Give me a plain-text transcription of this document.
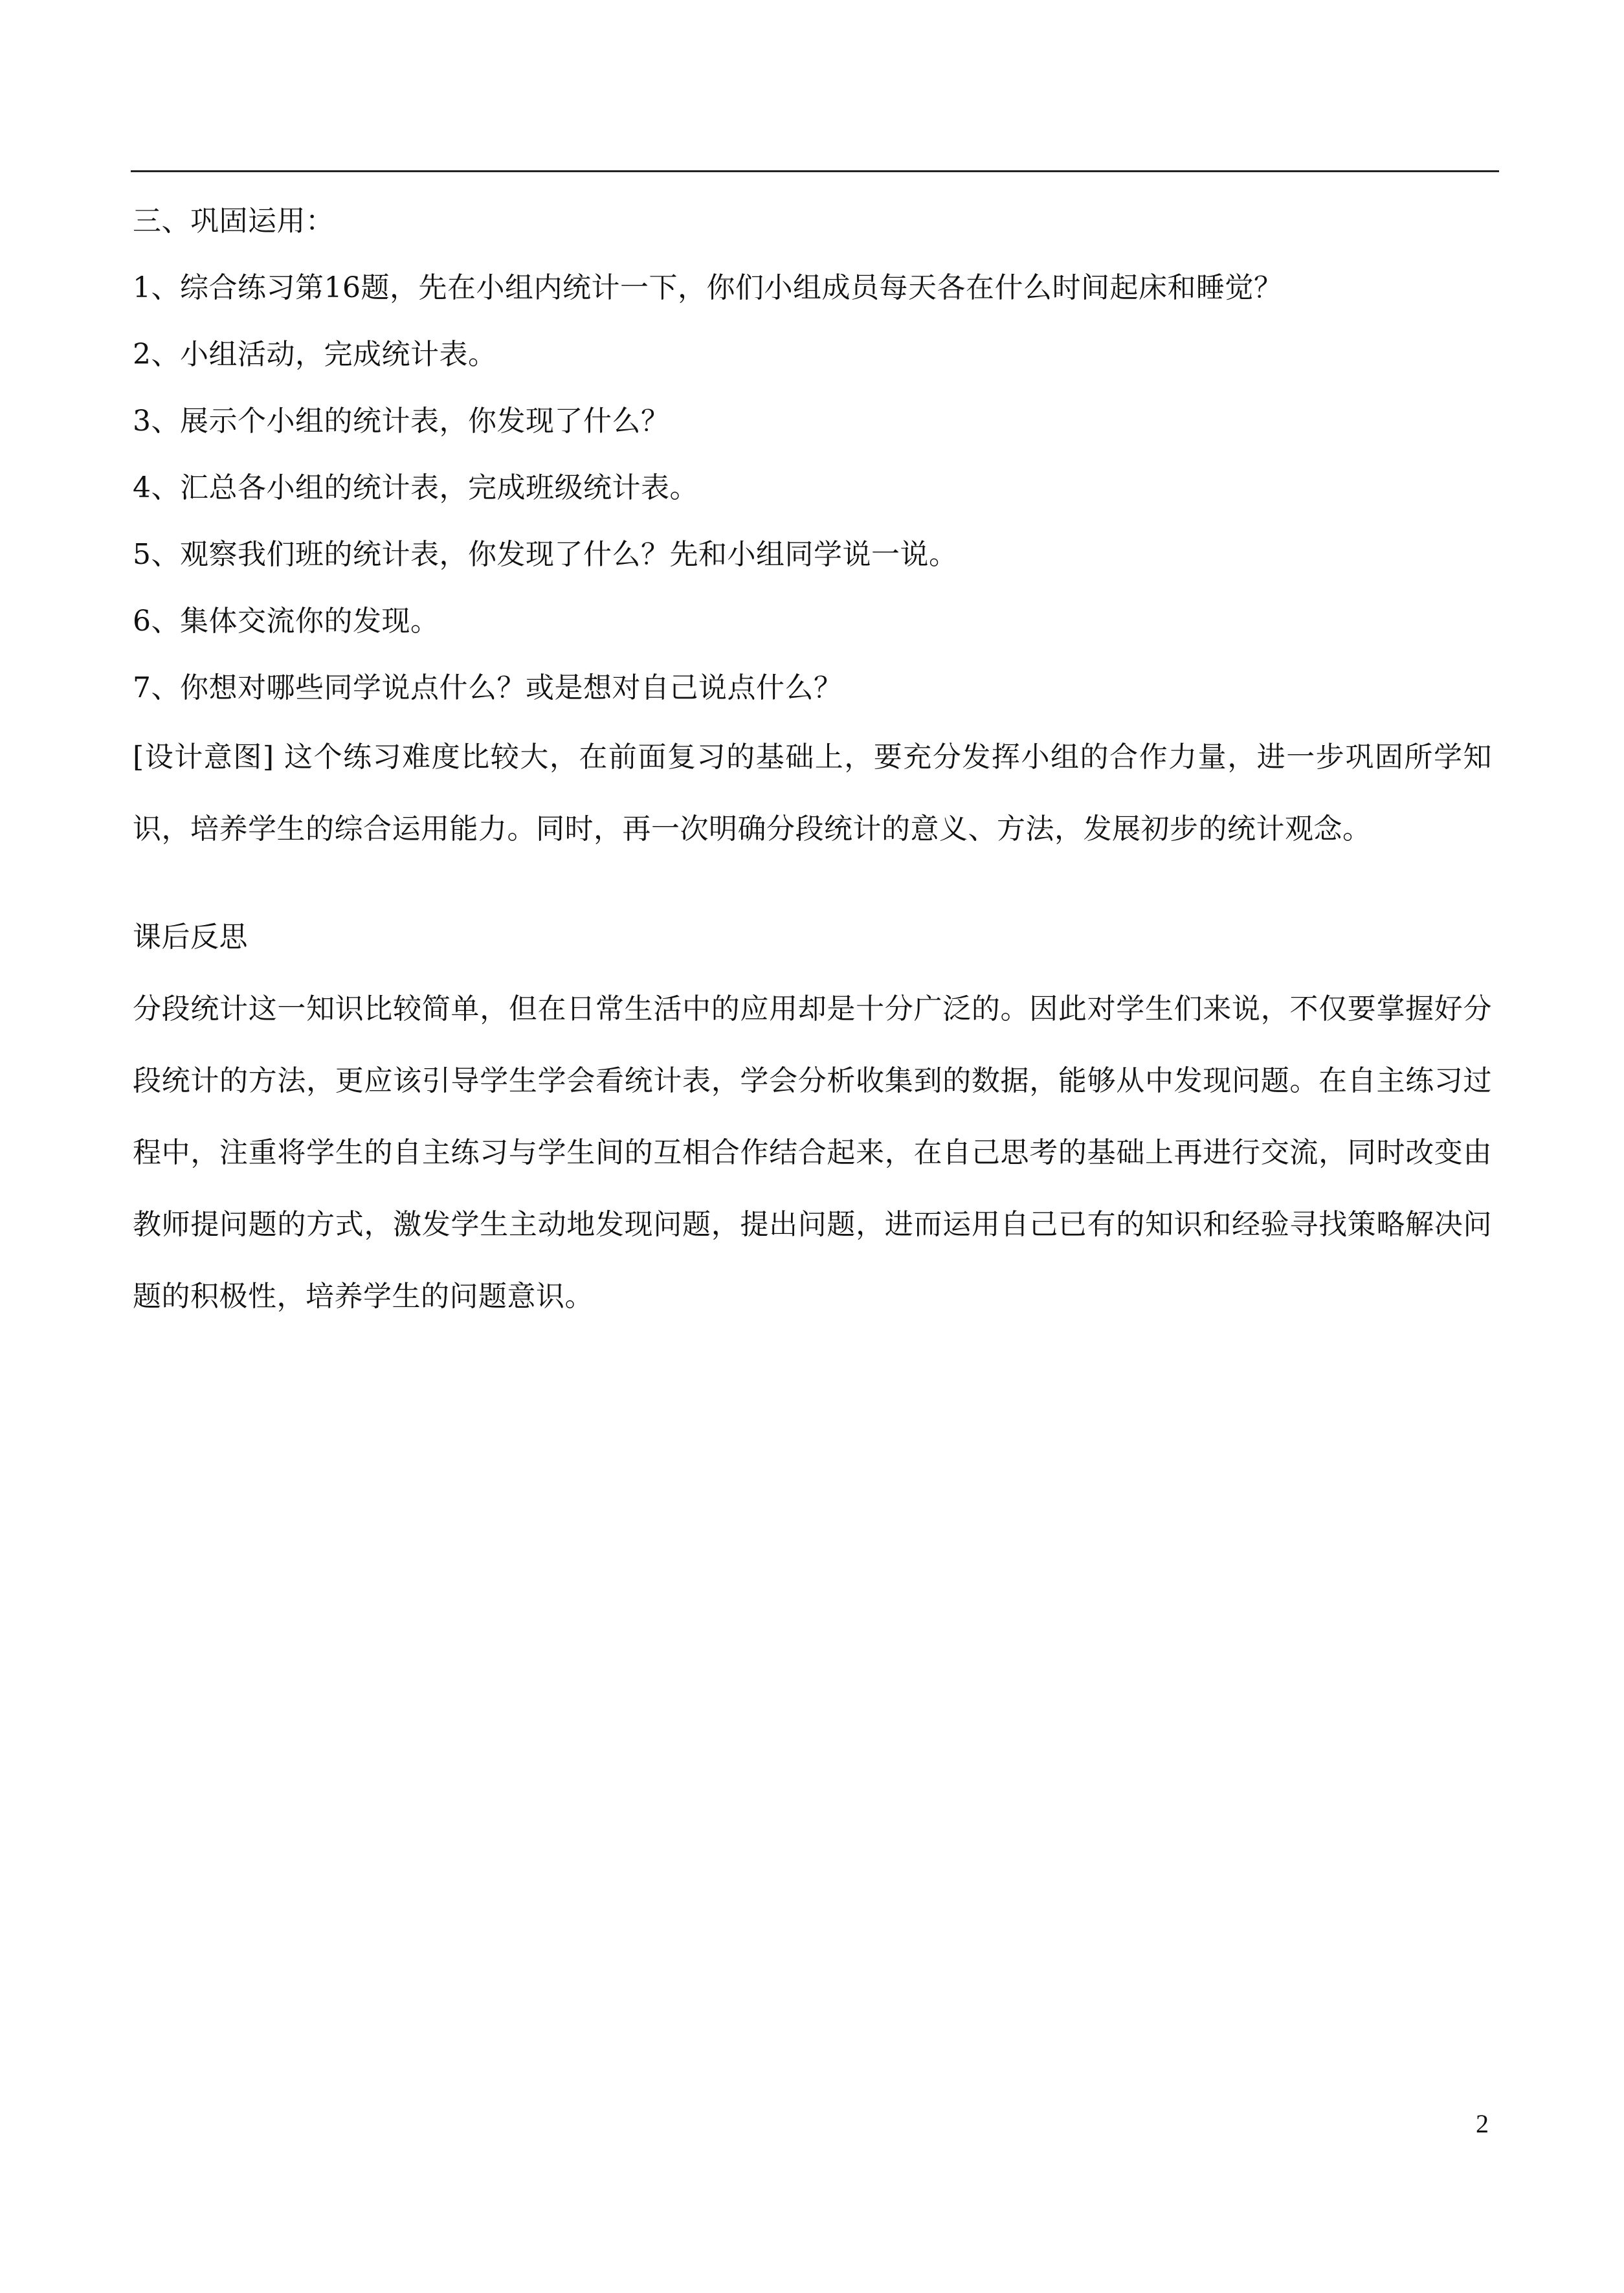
三、巩固运用：
1、综合练习第16题，先在小组内统计一下，你们小组成员每天各在什么时间起床和睡觉？
2、小组活动，完成统计表。
3、展示个小组的统计表，你发现了什么？
4、汇总各小组的统计表，完成班级统计表。
5、观察我们班的统计表，你发现了什么？先和小组同学说一说。
6、集体交流你的发现。
7、你想对哪些同学说点什么？或是想对自己说点什么？

[设计意图] 这个练习难度比较大，在前面复习的基础上，要充分发挥小组的合作力量，进一步巩固所学知识，培养学生的综合运用能力。同时，再一次明确分段统计的意义、方法，发展初步的统计观念。

课后反思

分段统计这一知识比较简单，但在日常生活中的应用却是十分广泛的。因此对学生们来说，不仅要掌握好分段统计的方法，更应该引导学生学会看统计表，学会分析收集到的数据，能够从中发现问题。在自主练习过程中，注重将学生的自主练习与学生间的互相合作结合起来，在自己思考的基础上再进行交流，同时改变由教师提问题的方式，激发学生主动地发现问题，提出问题，进而运用自己已有的知识和经验寻找策略解决问题的积极性，培养学生的问题意识。

2
